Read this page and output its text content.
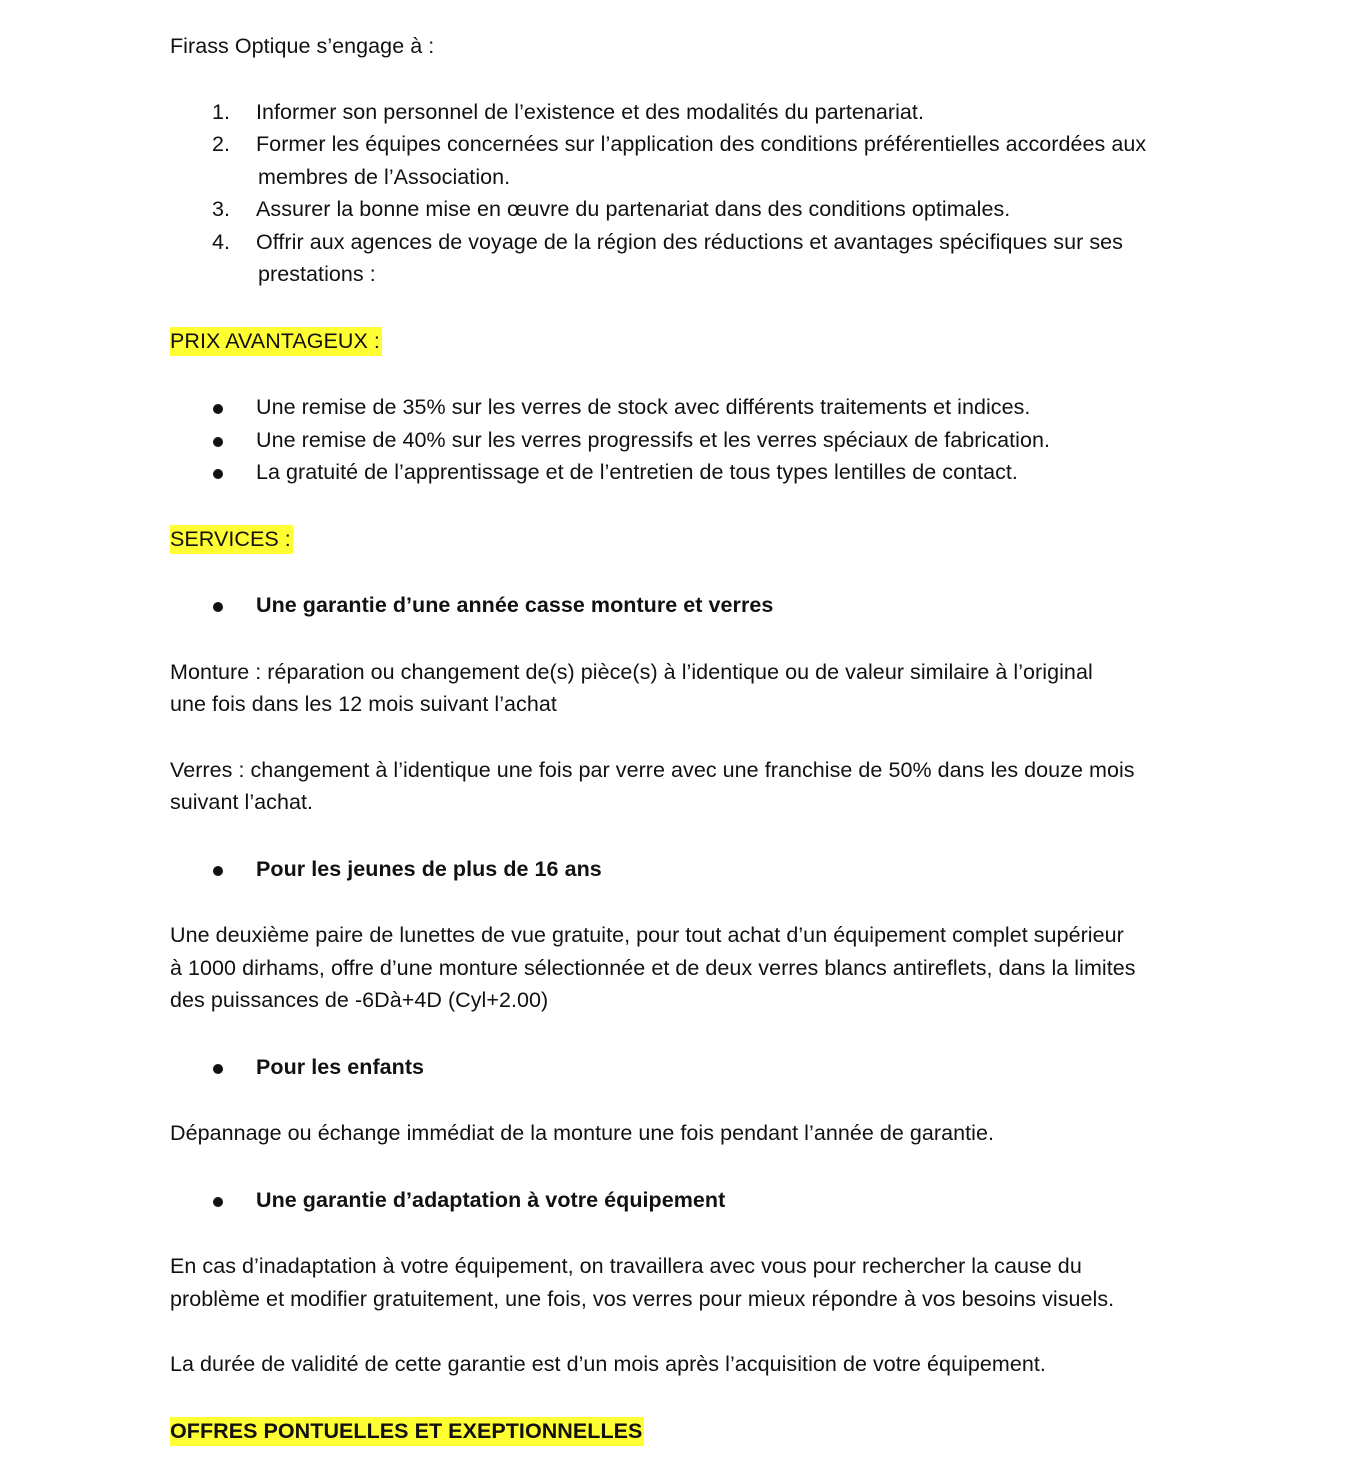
Firass Optique s’engage à :
1. Informer son personnel de l’existence et des modalités du partenariat.
2. Former les équipes concernées sur l’application des conditions préférentielles accordées aux
membres de l’Association.
3. Assurer la bonne mise en œuvre du partenariat dans des conditions optimales.
4. Offrir aux agences de voyage de la région des réductions et avantages spécifiques sur ses
prestations :
PRIX AVANTAGEUX :
Une remise de 35% sur les verres de stock avec différents traitements et indices.
Une remise de 40% sur les verres progressifs et les verres spéciaux de fabrication.
La gratuité de l’apprentissage et de l’entretien de tous types lentilles de contact.
SERVICES :
Une garantie d’une année casse monture et verres
Monture : réparation ou changement de(s) pièce(s) à l’identique ou de valeur similaire à l’original
une fois dans les 12 mois suivant l’achat
Verres : changement à l’identique une fois par verre avec une franchise de 50% dans les douze mois
suivant l’achat.
Pour les jeunes de plus de 16 ans
Une deuxième paire de lunettes de vue gratuite, pour tout achat d’un équipement complet supérieur
à 1000 dirhams, offre d’une monture sélectionnée et de deux verres blancs antireflets, dans la limites
des puissances de -6Dà+4D (Cyl+2.00)
Pour les enfants
Dépannage ou échange immédiat de la monture une fois pendant l’année de garantie.
Une garantie d’adaptation à votre équipement
En cas d’inadaptation à votre équipement, on travaillera avec vous pour rechercher la cause du
problème et modifier gratuitement, une fois, vos verres pour mieux répondre à vos besoins visuels.
La durée de validité de cette garantie est d’un mois après l’acquisition de votre équipement.
OFFRES PONTUELLES ET EXEPTIONNELLES
